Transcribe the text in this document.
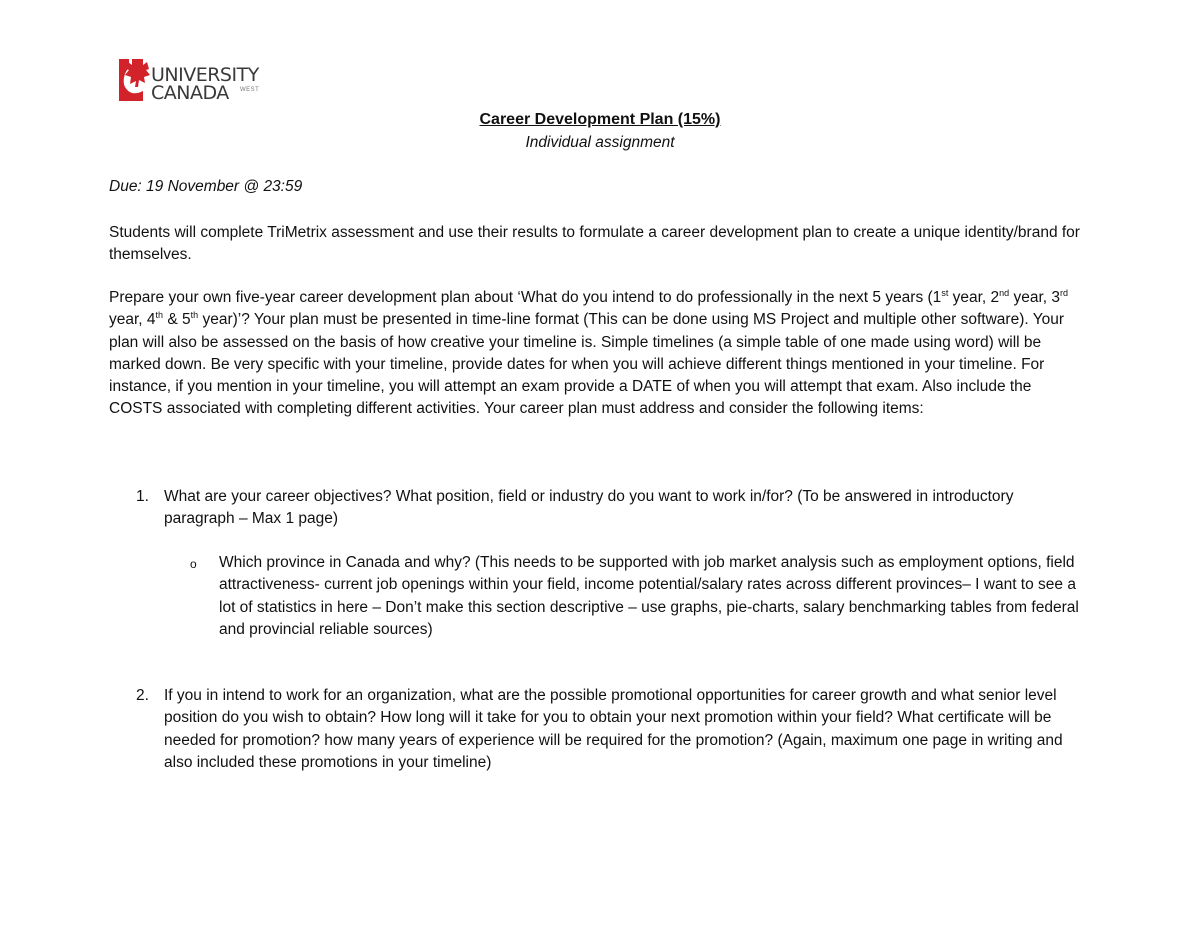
UNIVERSITY
CANADA WEST
Career Development Plan (15%)
Individual assignment
Due: 19 November @ 23:59
Students will complete TriMetrix assessment and use their results to formulate a career development plan to create a unique identity/brand for themselves.
Prepare your own five-year career development plan about ‘What do you intend to do professionally in the next 5 years (1st year, 2nd year, 3rd year, 4th & 5th year)’? Your plan must be presented in time-line format (This can be done using MS Project and multiple other software). Your plan will also be assessed on the basis of how creative your timeline is. Simple timelines (a simple table of one made using word) will be marked down. Be very specific with your timeline, provide dates for when you will achieve different things mentioned in your timeline. For instance, if you mention in your timeline, you will attempt an exam provide a DATE of when you will attempt that exam. Also include the COSTS associated with completing different activities. Your career plan must address and consider the following items:
1. What are your career objectives? What position, field or industry do you want to work in/for? (To be answered in introductory paragraph – Max 1 page)
o Which province in Canada and why? (This needs to be supported with job market analysis such as employment options, field attractiveness- current job openings within your field, income potential/salary rates across different provinces– I want to see a lot of statistics in here – Don’t make this section descriptive – use graphs, pie-charts, salary benchmarking tables from federal and provincial reliable sources)
2. If you in intend to work for an organization, what are the possible promotional opportunities for career growth and what senior level position do you wish to obtain? How long will it take for you to obtain your next promotion within your field? What certificate will be needed for promotion? how many years of experience will be required for the promotion? (Again, maximum one page in writing and also included these promotions in your timeline)
